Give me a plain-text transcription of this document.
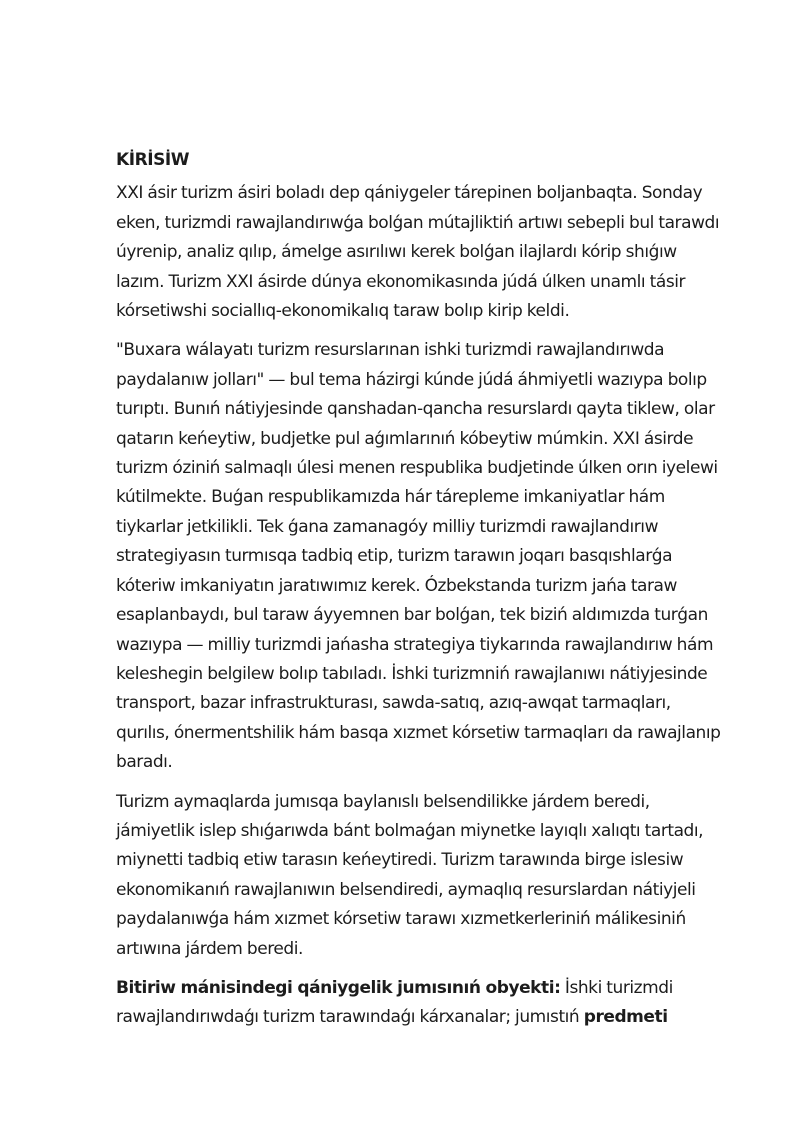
KİRİSİW

XXI ásir turizm ásiri boladı dep qániygeler tárepinen boljanbaqta. Sonday eken, turizmdi rawajlandırıwǵa bolǵan mútajliktiń artıwı sebepli bul tarawdı úyrenip, analiz qılıp, ámelge asırılıwı kerek bolǵan ilajlardı kórip shıǵıw lazım. Turizm XXI ásirde dúnya ekonomikasında júdá úlken unamlı tásir kórsetiwshi sociallıq-ekonomikalıq taraw bolıp kirip keldi.

"Buxara wálayatı turizm resurslarınan ishki turizmdi rawajlandırıwda paydalanıw jolları" — bul tema házirgi kúnde júdá áhmiyetli wazıypa bolıp turıptı. Bunıń nátiyjesinde qanshadan-qancha resurslardı qayta tiklew, olar qatarın keńeytiw, budjetke pul aǵımlarınıń kóbeytiw múmkin. XXI ásirde turizm óziniń salmaqlı úlesi menen respublika budjetinde úlken orın iyelewi kútilmekte. Buǵan respublikamızda hár tárepleme imkaniyatlar hám tiykarlar jetkilikli. Tek ǵana zamanagóy milliy turizmdi rawajlandırıw strategiyasın turmısqa tadbiq etip, turizm tarawın joqarı basqıshlarǵa kóteriw imkaniyatın jaratıwımız kerek. Ózbekstanda turizm jańa taraw esaplanbaydı, bul taraw áyyemnen bar bolǵan, tek biziń aldımızda turǵan wazıypa — milliy turizmdi jańasha strategiya tiykarında rawajlandırıw hám keleshegin belgilew bolıp tabıladı. İshki turizmniń rawajlanıwı nátiyjesinde transport, bazar infrastrukturası, sawda-satıq, azıq-awqat tarmaqları, qurılıs, ónermentshilik hám basqa xızmet kórsetiw tarmaqları da rawajlanıp baradı.

Turizm aymaqlarda jumısqa baylanıslı belsendilikke járdem beredi, jámiyetlik islep shıǵarıwda bánt bolmaǵan miynetke layıqlı xalıqtı tartadı, miynetti tadbiq etiw tarasın keńeytiredi. Turizm tarawında birge islesiw ekonomikanıń rawajlanıwın belsendiredi, aymaqlıq resurslardan nátiyjeli paydalanıwǵa hám xızmet kórsetiw tarawı xızmetkerleriniń málikesiniń artıwına járdem beredi.

Bitiriw mánisindegi qániygelik jumısınıń obyekti: İshki turizmdi rawajlandırıwdaǵı turizm tarawındaǵı kárxanalar; jumıstıń predmeti
